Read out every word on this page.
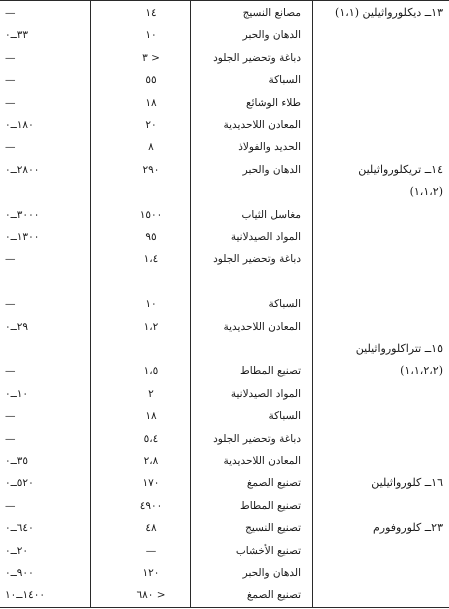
١٣ــ ديكلورواثيلين (١،١)
مصانع النسيج
١٤
—
الدهان والحبر
١٠
٣٣ــ٠
دباغة وتحضير الجلود
< ٣
—
السباكة
٥٥
—
طلاء الوشائع
١٨
—
المعادن اللاحديدية
٢٠
١٨٠ــ٠
الحديد والفولاذ
٨
—
١٤ــ تريكلورواثيلين
الدهان والحبر
٢٩٠
٢٨٠٠ــ٠
(١،١،٢)
مغاسل الثياب
١٥٠٠
٣٠٠٠ــ٠
المواد الصيدلانية
٩٥
١٣٠٠ــ٠
دباغة وتحضير الجلود
١،٤
—
السباكة
١٠
—
المعادن اللاحديدية
١،٢
٢٩ــ٠
١٥ــ تتراكلورواثيلين
(١،١،٢،٢)
تصنيع المطاط
١،٥
—
المواد الصيدلانية
٢
١٠ــ٠
السباكة
١٨
—
دباغة وتحضير الجلود
٥،٤
—
المعادن اللاحديدية
٢،٨
٣٥ــ٠
١٦ــ كلورواثيلين
تصنيع الصمغ
١٧٠
٥٢٠ــ٠
تصنيع المطاط
٤٩٠٠
—
٢٣ــ كلوروفورم
تصنيع النسيج
٤٨
٦٤٠ــ٠
تصنيع الأخشاب
—
٢٠ــ٠
الدهان والحبر
١٢٠
٩٠٠ــ٠
تصنيع الصمغ
< ٦٨٠
١٤٠٠ــ١٠
